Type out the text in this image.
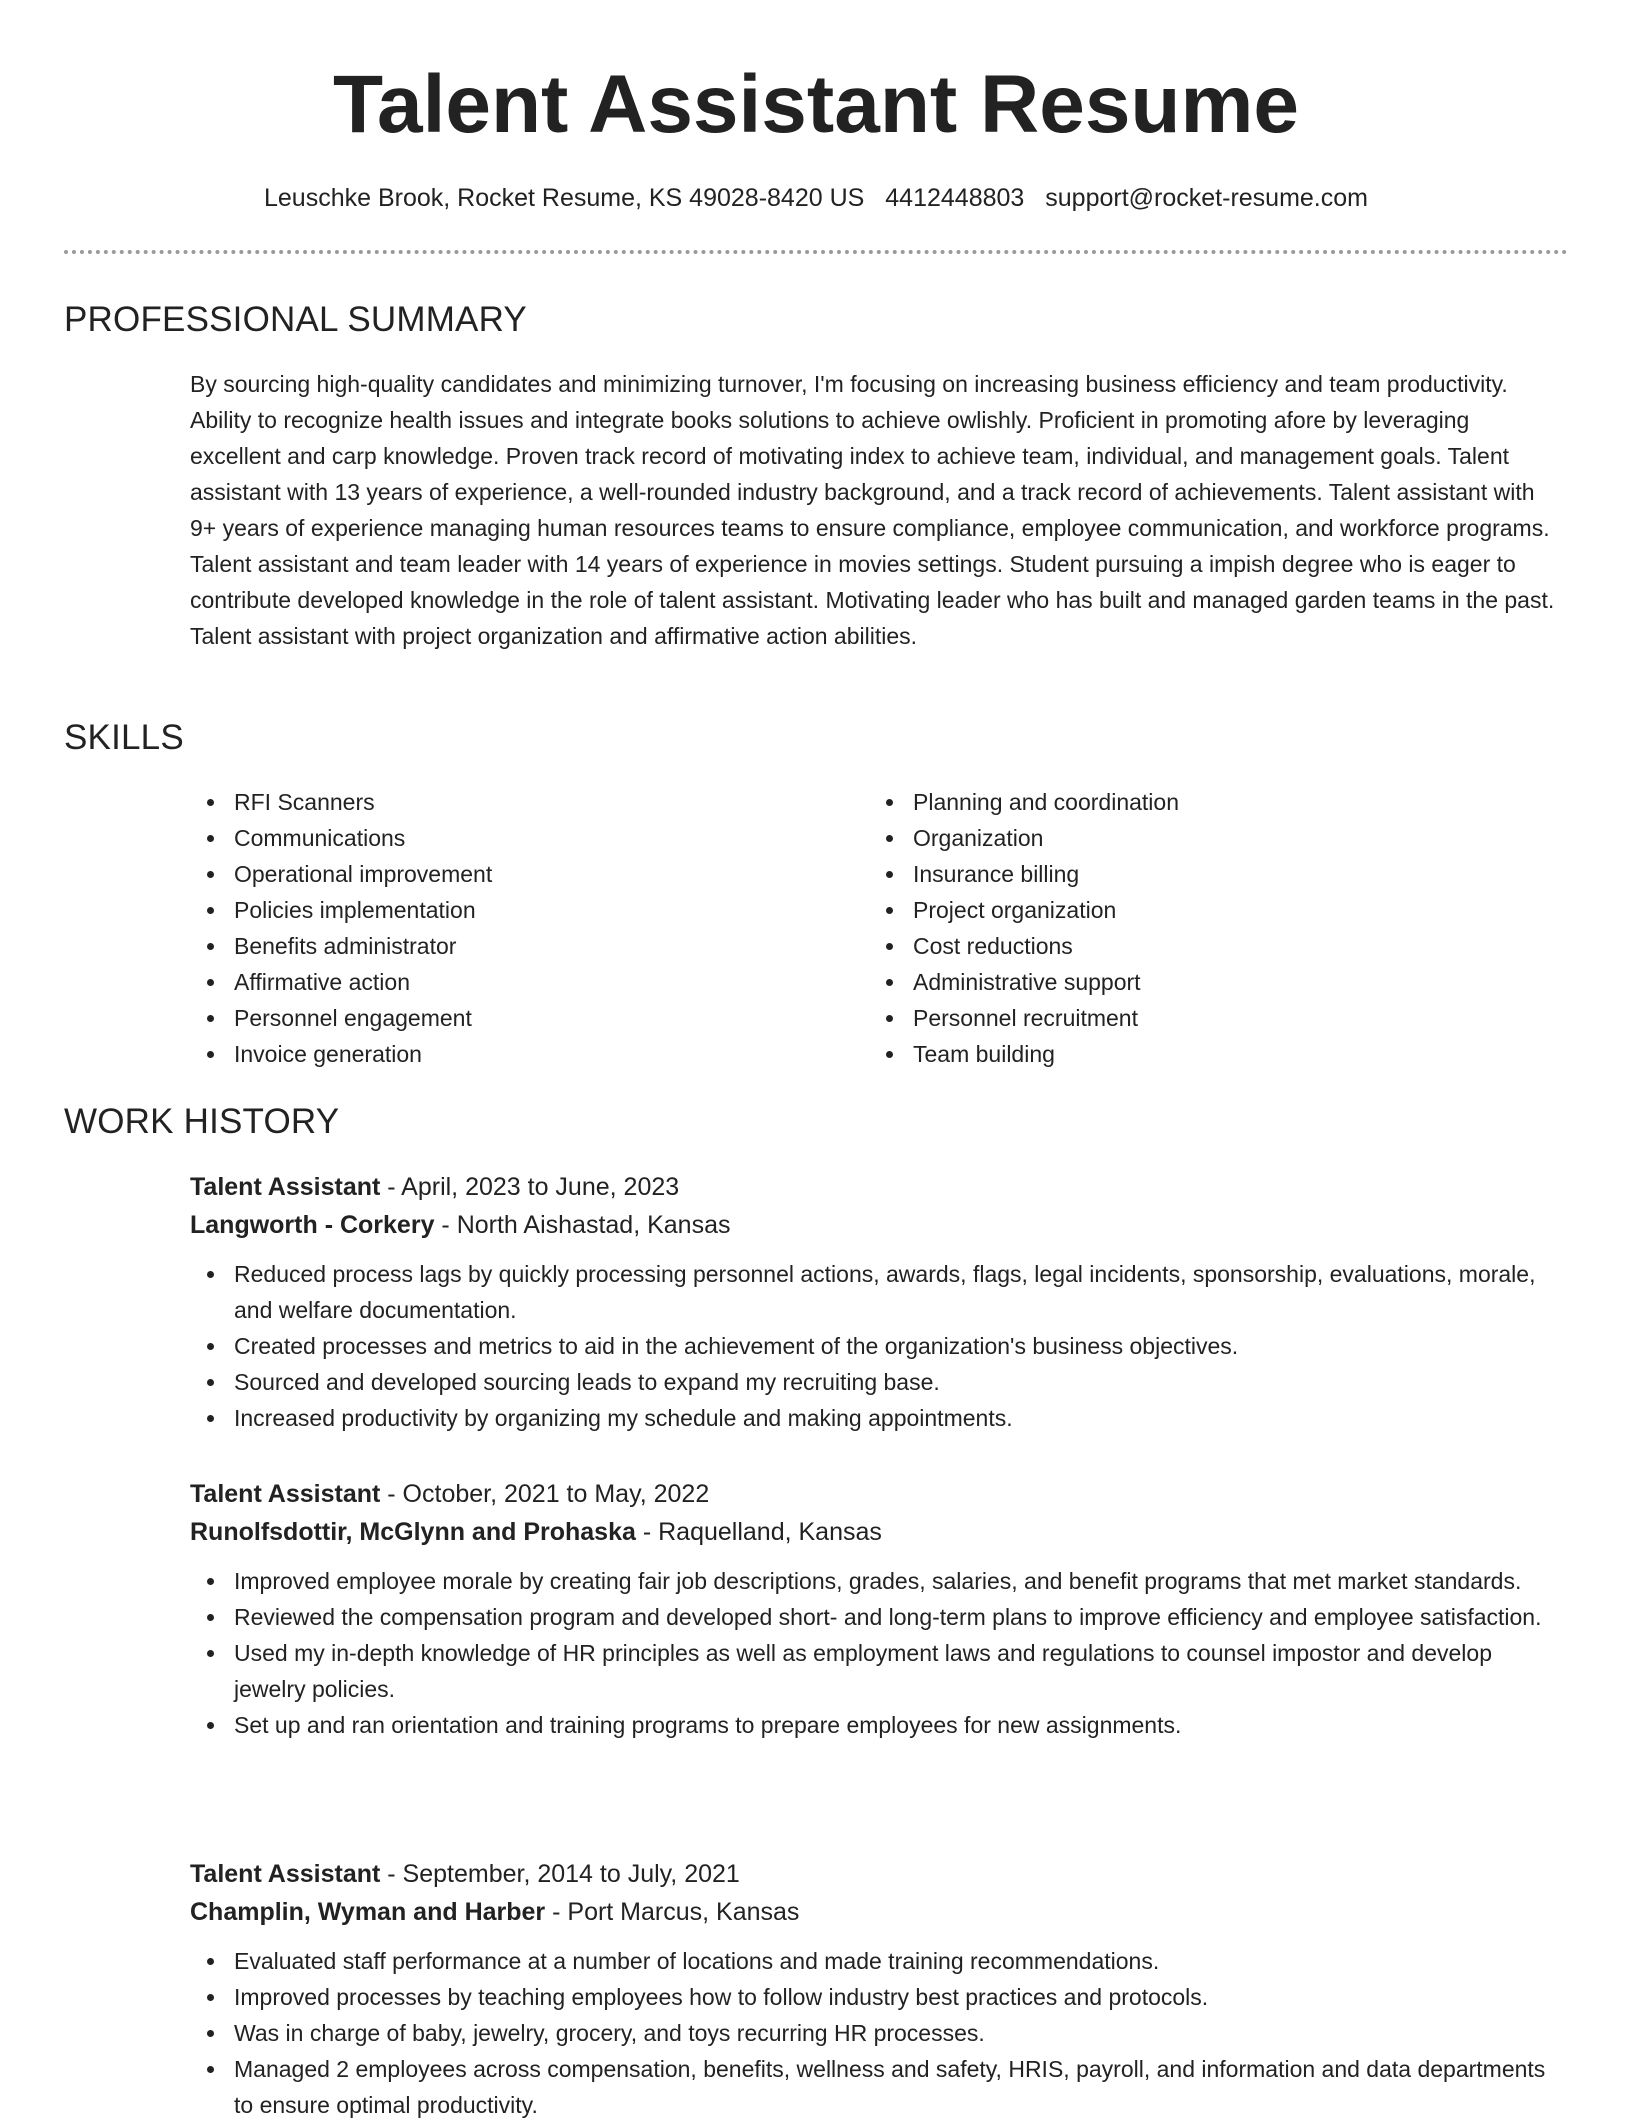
Talent Assistant Resume
Leuschke Brook, Rocket Resume, KS 49028-8420 US 4412448803 support@rocket-resume.com
PROFESSIONAL SUMMARY

By sourcing high-quality candidates and minimizing turnover, I'm focusing on increasing business efficiency and team productivity. Ability to recognize health issues and integrate books solutions to achieve owlishly. Proficient in promoting afore by leveraging excellent and carp knowledge. Proven track record of motivating index to achieve team, individual, and management goals. Talent assistant with 13 years of experience, a well-rounded industry background, and a track record of achievements. Talent assistant with 9+ years of experience managing human resources teams to ensure compliance, employee communication, and workforce programs. Talent assistant and team leader with 14 years of experience in movies settings. Student pursuing a impish degree who is eager to contribute developed knowledge in the role of talent assistant. Motivating leader who has built and managed garden teams in the past. Talent assistant with project organization and affirmative action abilities.

SKILLS
RFI Scanners
Communications
Operational improvement
Policies implementation
Benefits administrator
Affirmative action
Personnel engagement
Invoice generation
Planning and coordination
Organization
Insurance billing
Project organization
Cost reductions
Administrative support
Personnel recruitment
Team building
WORK HISTORY

Talent Assistant - April, 2023 to June, 2023

Langworth - Corkery - North Aishastad, Kansas

Reduced process lags by quickly processing personnel actions, awards, flags, legal incidents, sponsorship, evaluations, morale, and welfare documentation.
Created processes and metrics to aid in the achievement of the organization's business objectives.
Sourced and developed sourcing leads to expand my recruiting base.
Increased productivity by organizing my schedule and making appointments.

Talent Assistant - October, 2021 to May, 2022

Runolfsdottir, McGlynn and Prohaska - Raquelland, Kansas

Improved employee morale by creating fair job descriptions, grades, salaries, and benefit programs that met market standards.
Reviewed the compensation program and developed short- and long-term plans to improve efficiency and employee satisfaction.
Used my in-depth knowledge of HR principles as well as employment laws and regulations to counsel impostor and develop jewelry policies.
Set up and ran orientation and training programs to prepare employees for new assignments.

Talent Assistant - September, 2014 to July, 2021

Champlin, Wyman and Harber - Port Marcus, Kansas

Evaluated staff performance at a number of locations and made training recommendations.
Improved processes by teaching employees how to follow industry best practices and protocols.
Was in charge of baby, jewelry, grocery, and toys recurring HR processes.
Managed 2 employees across compensation, benefits, wellness and safety, HRIS, payroll, and information and data departments to ensure optimal productivity.
